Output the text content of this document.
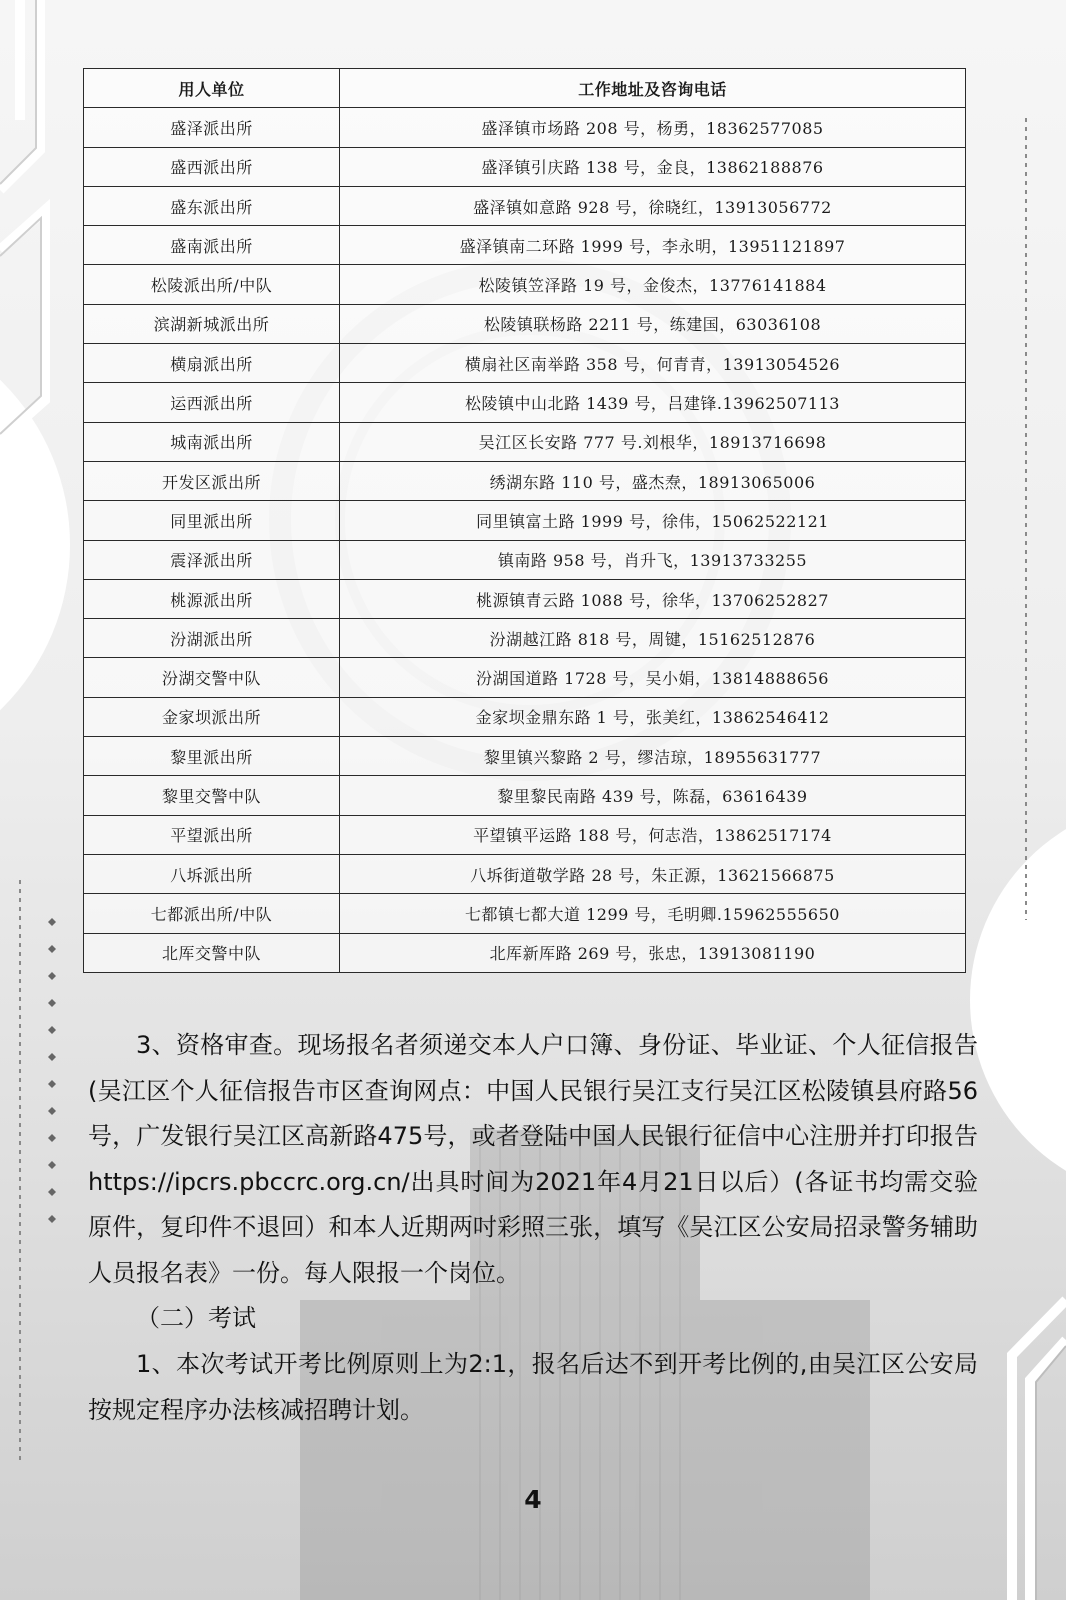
用人单位	工作地址及咨询电话
盛泽派出所	盛泽镇市场路 208 号，杨勇，18362577085
盛西派出所	盛泽镇引庆路 138 号，金良，13862188876
盛东派出所	盛泽镇如意路 928 号，徐晓红，13913056772
盛南派出所	盛泽镇南二环路 1999 号，李永明，13951121897
松陵派出所/中队	松陵镇笠泽路 19 号，金俊杰，13776141884
滨湖新城派出所	松陵镇联杨路 2211 号，练建国，63036108
横扇派出所	横扇社区南举路 358 号，何青青，13913054526
运西派出所	松陵镇中山北路 1439 号，吕建锋.13962507113
城南派出所	吴江区长安路 777 号.刘根华，18913716698
开发区派出所	绣湖东路 110 号，盛杰焘，18913065006
同里派出所	同里镇富土路 1999 号，徐伟，15062522121
震泽派出所	镇南路 958 号，肖升飞，13913733255
桃源派出所	桃源镇青云路 1088 号，徐华，13706252827
汾湖派出所	汾湖越江路 818 号，周键，15162512876
汾湖交警中队	汾湖国道路 1728 号，吴小娟，13814888656
金家坝派出所	金家坝金鼎东路 1 号，张美红，13862546412
黎里派出所	黎里镇兴黎路 2 号，缪洁琼，18955631777
黎里交警中队	黎里黎民南路 439 号，陈磊，63616439
平望派出所	平望镇平运路 188 号，何志浩，13862517174
八坼派出所	八坼街道敬学路 28 号，朱正源，13621566875
七都派出所/中队	七都镇七都大道 1299 号，毛明卿.15962555650
北厍交警中队	北厍新厍路 269 号，张忠，13913081190

3、资格审查。现场报名者须递交本人户口簿、身份证、毕业证、个人征信报告(吴江区个人征信报告市区查询网点：中国人民银行吴江支行吴江区松陵镇县府路56号，广发银行吴江区高新路475号，或者登陆中国人民银行征信中心注册并打印报告https://ipcrs.pbccrc.org.cn/出具时间为2021年4月21日以后）(各证书均需交验原件，复印件不退回）和本人近期两吋彩照三张，填写《吴江区公安局招录警务辅助人员报名表》一份。每人限报一个岗位。

（二）考试

1、本次考试开考比例原则上为2:1，报名后达不到开考比例的,由吴江区公安局按规定程序办法核减招聘计划。

4
